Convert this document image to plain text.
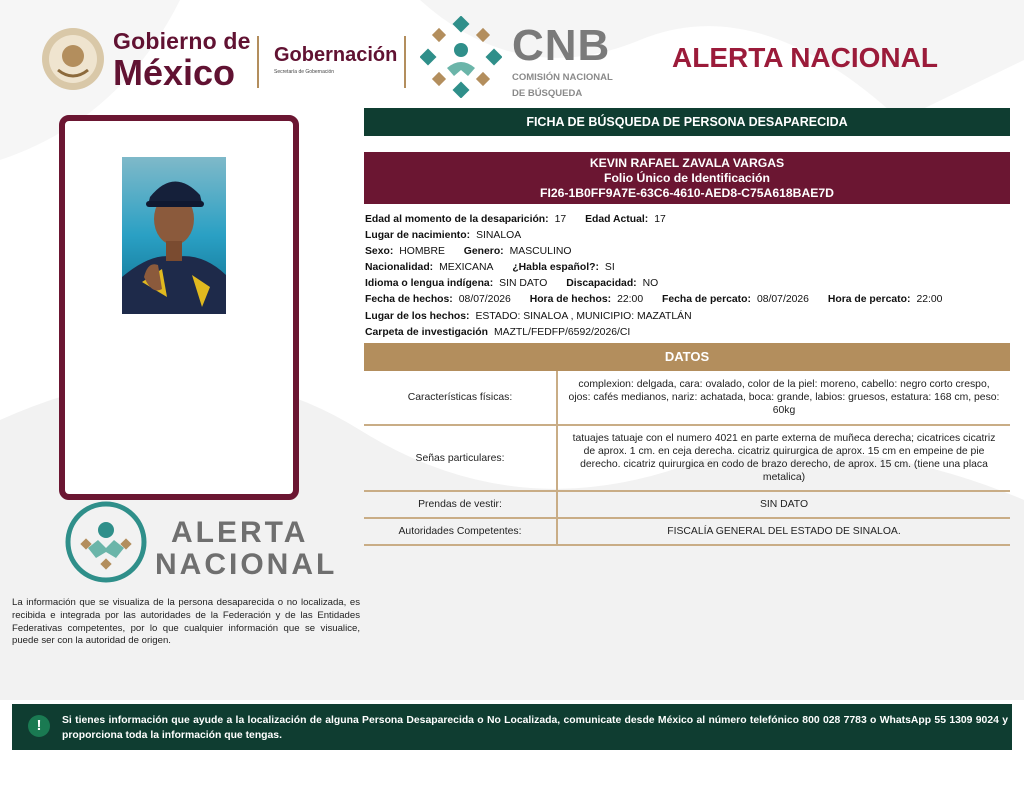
Gobierno de
México	Gobernación
Secretaría de Gobernación
CNB
COMISIÓN NACIONAL
DE BÚSQUEDA
ALERTA NACIONAL
ALERTA
NACIONAL
La información que se visualiza de la persona desaparecida o no localizada, es recibida e integrada por las autoridades de la Federación y de las Entidades Federativas competentes, por lo que cualquier información que se visualice, puede ser con la autoridad de origen.
FICHA DE BÚSQUEDA DE PERSONA DESAPARECIDA
KEVIN RAFAEL ZAVALA VARGAS
Folio Único de Identificación
FI26-1B0FF9A7E-63C6-4610-AED8-C75A618BAE7D
Edad al momento de la desaparición: 17 Edad Actual: 17
Lugar de nacimiento: SINALOA
Sexo: HOMBRE Genero: MASCULINO
Nacionalidad: MEXICANA ¿Habla español?: SI
Idioma o lengua indígena: SIN DATO Discapacidad: NO
Fecha de hechos: 08/07/2026 Hora de hechos: 22:00 Fecha de percato: 08/07/2026 Hora de percato: 22:00
Lugar de los hechos: ESTADO: SINALOA , MUNICIPIO: MAZATLÁN
Carpeta de investigación MAZTL/FEDFP/6592/2026/CI
DATOS
Características físicas:	complexion: delgada, cara: ovalado, color de la piel: moreno, cabello: negro corto crespo, ojos: cafés medianos, nariz: achatada, boca: grande, labios: gruesos, estatura: 168 cm, peso: 60kg
Señas particulares:	tatuajes tatuaje con el numero 4021 en parte externa de muñeca derecha; cicatrices cicatriz de aprox. 1 cm. en ceja derecha. cicatriz quirurgica de aprox. 15 cm en empeine de pie derecho. cicatriz quirurgica en codo de brazo derecho, de aprox. 15 cm. (tiene una placa metalica)
Prendas de vestir:	SIN DATO
Autoridades Competentes:	FISCALÍA GENERAL DEL ESTADO DE SINALOA.
!	Si tienes información que ayude a la localización de alguna Persona Desaparecida o No Localizada, comunicate desde México al número telefónico 800 028 7783 o WhatsApp 55 1309 9024 y proporciona toda la información que tengas.
